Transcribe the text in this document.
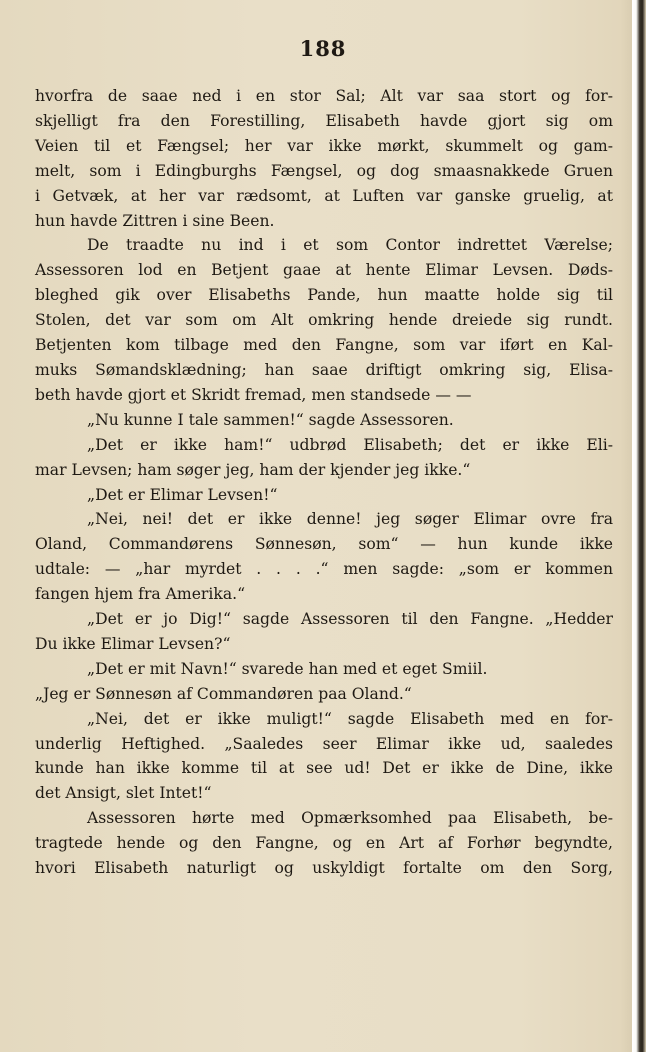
188
hvorfra de saae ned i en stor Sal; Alt var saa stort og for-
skjelligt fra den Forestilling, Elisabeth havde gjort sig om
Veien til et Fængsel; her var ikke mørkt, skummelt og gam-
melt, som i Edingburghs Fængsel, og dog smaasnakkede Gruen
i Getvæk, at her var rædsomt, at Luften var ganske gruelig, at
hun havde Zittren i sine Been.
De traadte nu ind i et som Contor indrettet Værelse;
Assessoren lod en Betjent gaae at hente Elimar Levsen. Døds-
bleghed gik over Elisabeths Pande, hun maatte holde sig til
Stolen, det var som om Alt omkring hende dreiede sig rundt.
Betjenten kom tilbage med den Fangne, som var iført en Kal-
muks Sømandsklædning; han saae driftigt omkring sig, Elisa-
beth havde gjort et Skridt fremad, men standsede — —
„Nu kunne I tale sammen!“ sagde Assessoren.
„Det er ikke ham!“ udbrød Elisabeth; det er ikke Eli-
mar Levsen; ham søger jeg, ham der kjender jeg ikke.“
„Det er Elimar Levsen!“
„Nei, nei! det er ikke denne! jeg søger Elimar ovre fra
Oland, Commandørens Sønnesøn, som“ — hun kunde ikke
udtale: — „har myrdet . . . .“ men sagde: „som er kommen
fangen hjem fra Amerika.“
„Det er jo Dig!“ sagde Assessoren til den Fangne. „Hedder
Du ikke Elimar Levsen?“
„Det er mit Navn!“ svarede han med et eget Smiil.
„Jeg er Sønnesøn af Commandøren paa Oland.“
„Nei, det er ikke muligt!“ sagde Elisabeth med en for-
underlig Heftighed. „Saaledes seer Elimar ikke ud, saaledes
kunde han ikke komme til at see ud! Det er ikke de Dine, ikke
det Ansigt, slet Intet!“
Assessoren hørte med Opmærksomhed paa Elisabeth, be-
tragtede hende og den Fangne, og en Art af Forhør begyndte,
hvori Elisabeth naturligt og uskyldigt fortalte om den Sorg,
